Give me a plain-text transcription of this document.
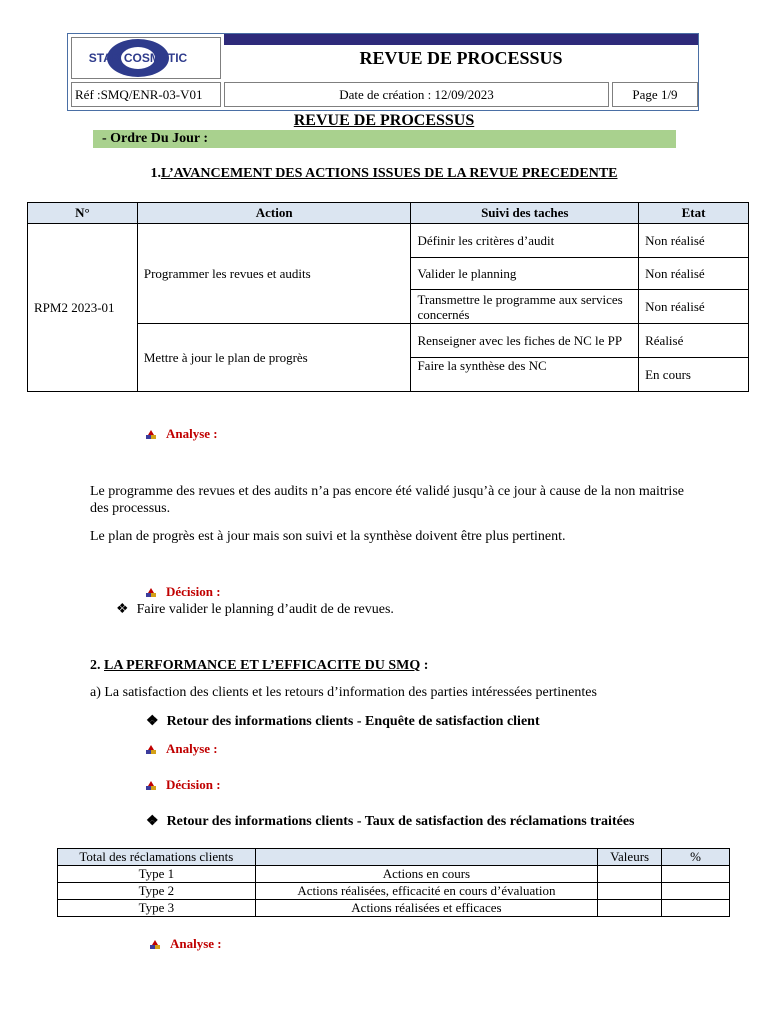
STAR COSMETIC	REVUE DE PROCESSUS
Réf :SMQ/ENR-03-V01	Date de création : 12/09/2023	Page 1/9
REVUE DE PROCESSUS
- Ordre Du Jour :
1.L’AVANCEMENT DES ACTIONS ISSUES DE LA REVUE PRECEDENTE
N°	Action	Suivi des taches	Etat
RPM2 2023-01	Programmer les revues et audits	Définir les critères d’audit	Non réalisé
		Valider le planning	Non réalisé
		Transmettre le programme aux services concernés	Non réalisé
	Mettre à jour le plan de progrès	Renseigner avec les fiches de NC le PP	Réalisé
		Faire la synthèse des NC	En cours
Analyse :
Le programme des revues et des audits n’a pas encore été validé jusqu’à ce jour à cause de la non maitrise des processus.
Le plan de progrès est à jour mais son suivi et la synthèse doivent être plus pertinent.
Décision :
❖ Faire valider le planning d’audit de de revues.
2. LA PERFORMANCE ET L’EFFICACITE DU SMQ :
a) La satisfaction des clients et les retours d’information des parties intéressées pertinentes
❖ Retour des informations clients - Enquête de satisfaction client
Analyse :
Décision :
❖ Retour des informations clients - Taux de satisfaction des réclamations traitées
Total des réclamations clients		Valeurs	%
Type 1	Actions en cours		
Type 2	Actions réalisées, efficacité en cours d’évaluation		
Type 3	Actions réalisées et efficaces		
Analyse :
